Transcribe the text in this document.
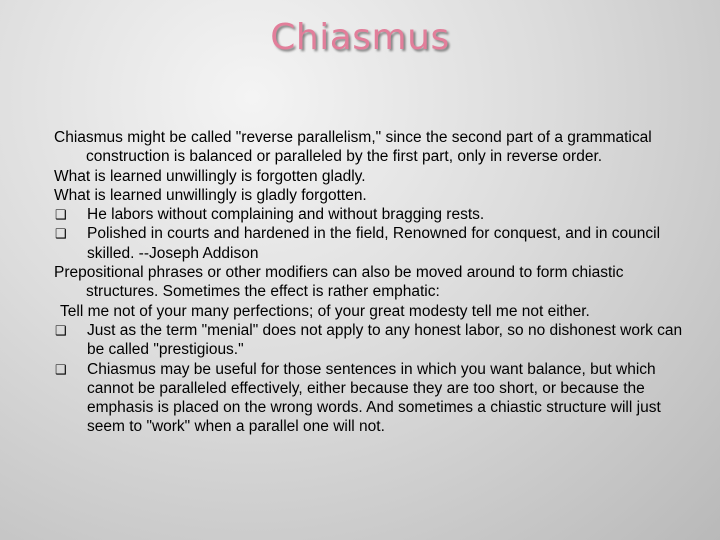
Chiasmus

Chiasmus might be called "reverse parallelism," since the second part of a grammatical construction is balanced or paralleled by the first part, only in reverse order.

What is learned unwillingly is forgotten gladly.

What is learned unwillingly is gladly forgotten.

❑ He labors without complaining and without bragging rests.

❑ Polished in courts and hardened in the field, Renowned for conquest, and in council skilled. --Joseph Addison

Prepositional phrases or other modifiers can also be moved around to form chiastic structures. Sometimes the effect is rather emphatic:

Tell me not of your many perfections; of your great modesty tell me not either.

❑ Just as the term "menial" does not apply to any honest labor, so no dishonest work can be called "prestigious."

❑ Chiasmus may be useful for those sentences in which you want balance, but which cannot be paralleled effectively, either because they are too short, or because the emphasis is placed on the wrong words. And sometimes a chiastic structure will just seem to "work" when a parallel one will not.
